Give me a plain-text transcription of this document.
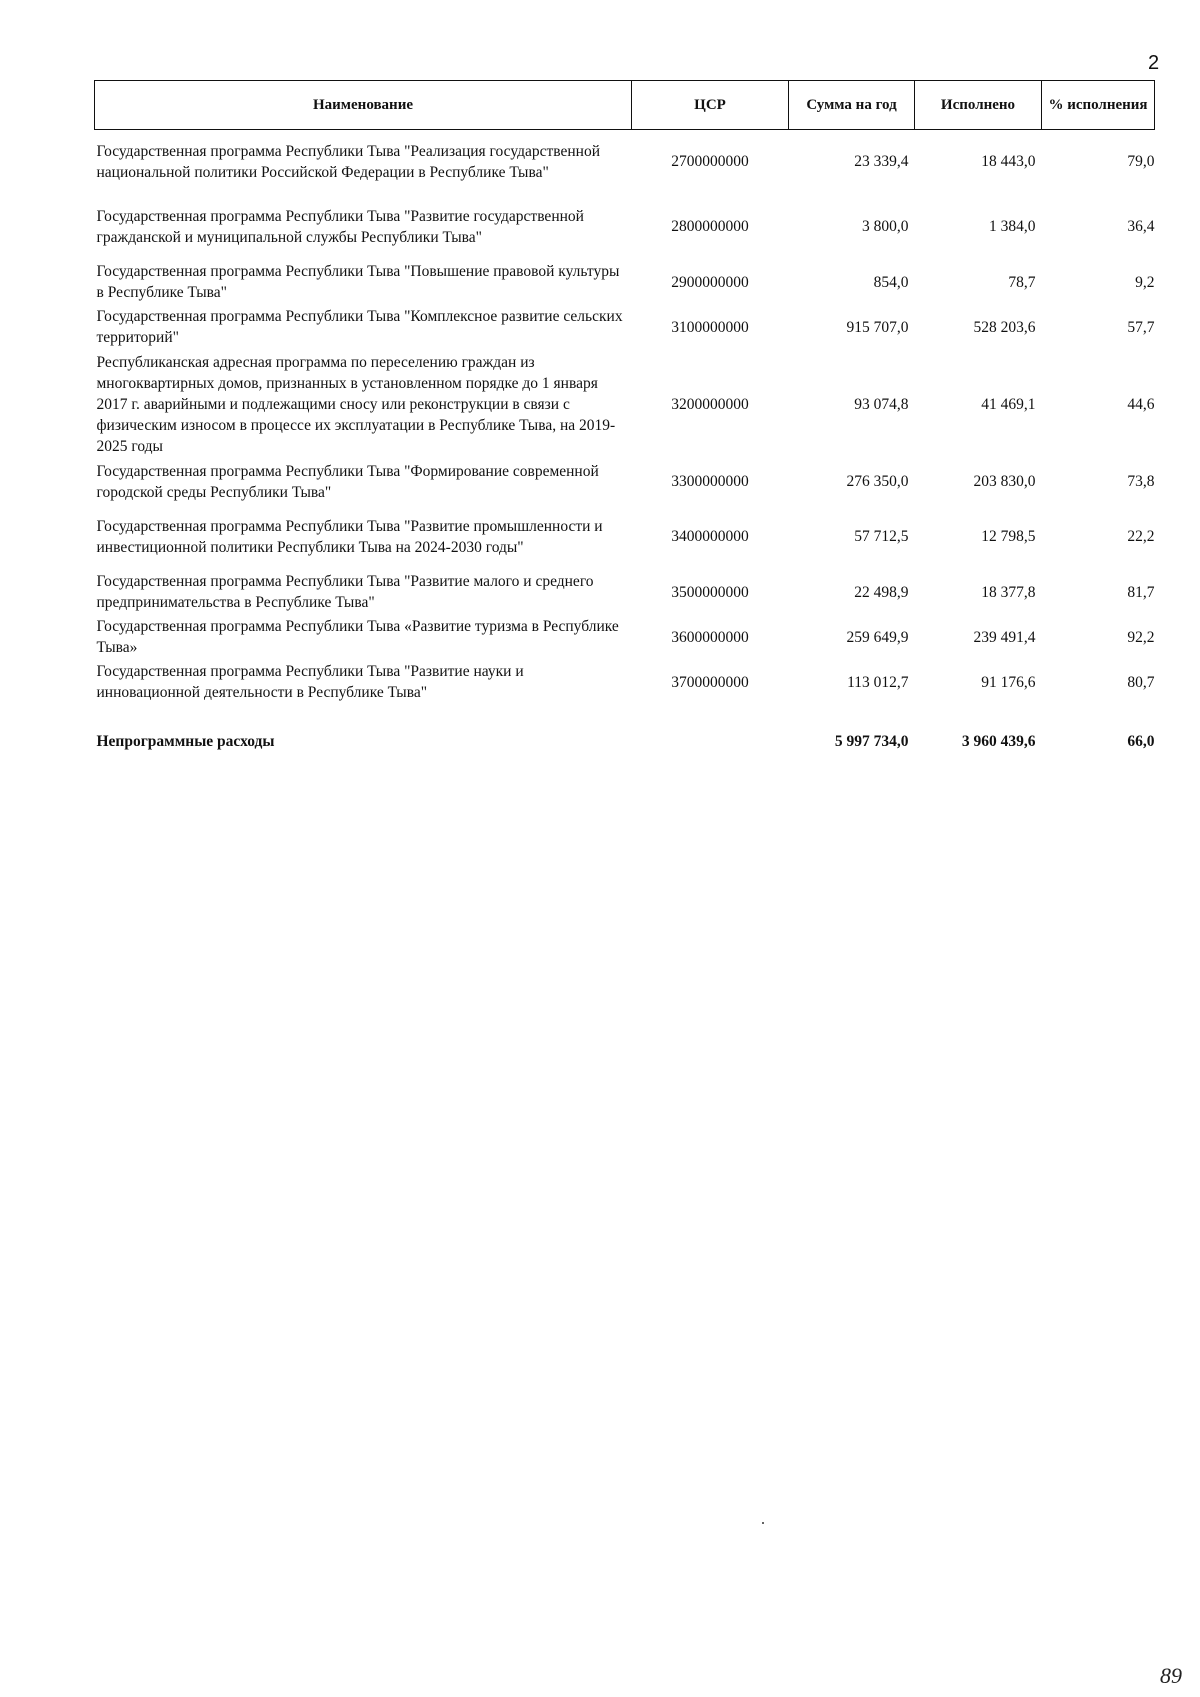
2
Наименование	ЦСР	Сумма на год	Исполнено	% исполнения
Государственная программа Республики Тыва "Реализация государственной национальной политики Российской Федерации в Республике Тыва"	2700000000	23 339,4	18 443,0	79,0
Государственная программа Республики Тыва "Развитие государственной гражданской и муниципальной службы Республики Тыва"	2800000000	3 800,0	1 384,0	36,4
Государственная программа Республики Тыва "Повышение правовой культуры в Республике Тыва"	2900000000	854,0	78,7	9,2
Государственная программа Республики Тыва "Комплексное развитие сельских территорий"	3100000000	915 707,0	528 203,6	57,7
Республиканская адресная программа по переселению граждан из многоквартирных домов, признанных в установленном порядке до 1 января 2017 г. аварийными и подлежащими сносу или реконструкции в связи с физическим износом в процессе их эксплуатации в Республике Тыва, на 2019-2025 годы	3200000000	93 074,8	41 469,1	44,6
Государственная программа Республики Тыва "Формирование современной городской среды Республики Тыва"	3300000000	276 350,0	203 830,0	73,8
Государственная программа Республики Тыва "Развитие промышленности и инвестиционной политики Республики Тыва на 2024-2030 годы"	3400000000	57 712,5	12 798,5	22,2
Государственная программа Республики Тыва "Развитие малого и среднего предпринимательства в Республике Тыва"	3500000000	22 498,9	18 377,8	81,7
Государственная программа Республики Тыва «Развитие туризма в Республике Тыва»	3600000000	259 649,9	239 491,4	92,2
Государственная программа Республики Тыва "Развитие науки и инновационной деятельности в Республике Тыва"	3700000000	113 012,7	91 176,6	80,7
Непрограммные расходы		5 997 734,0	3 960 439,6	66,0
89
